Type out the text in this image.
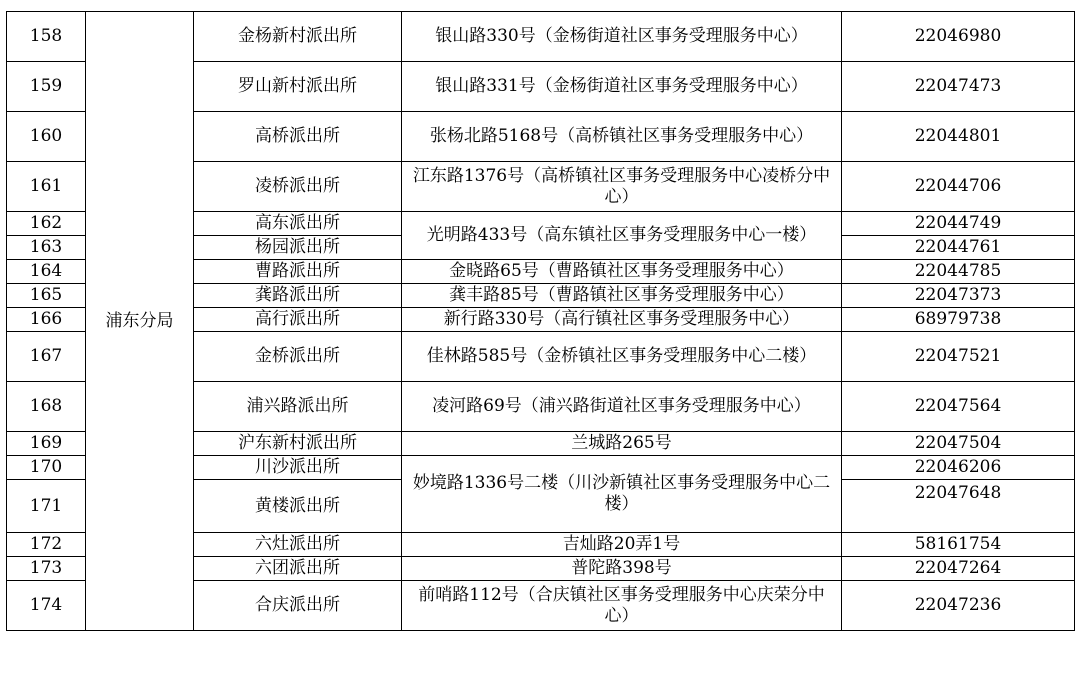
158	浦东分局	金杨新村派出所	银山路330号（金杨街道社区事务受理服务中心）	22046980
159		罗山新村派出所	银山路331号（金杨街道社区事务受理服务中心）	22047473
160		高桥派出所	张杨北路5168号（高桥镇社区事务受理服务中心）	22044801
161		凌桥派出所	江东路1376号（高桥镇社区事务受理服务中心凌桥分中心）	22044706
162		高东派出所	光明路433号（高东镇社区事务受理服务中心一楼）	22044749
163		杨园派出所		22044761
164		曹路派出所	金晓路65号（曹路镇社区事务受理服务中心）	22044785
165		龚路派出所	龚丰路85号（曹路镇社区事务受理服务中心）	22047373
166		高行派出所	新行路330号（高行镇社区事务受理服务中心）	68979738
167		金桥派出所	佳林路585号（金桥镇社区事务受理服务中心二楼）	22047521
168		浦兴路派出所	凌河路69号（浦兴路街道社区事务受理服务中心）	22047564
169		沪东新村派出所	兰城路265号	22047504
170		川沙派出所	妙境路1336号二楼（川沙新镇社区事务受理服务中心二楼）	22046206
171		黄楼派出所		22047648
172		六灶派出所	吉灿路20弄1号	58161754
173		六团派出所	普陀路398号	22047264
174		合庆派出所	前哨路112号（合庆镇社区事务受理服务中心庆荣分中心）	22047236
